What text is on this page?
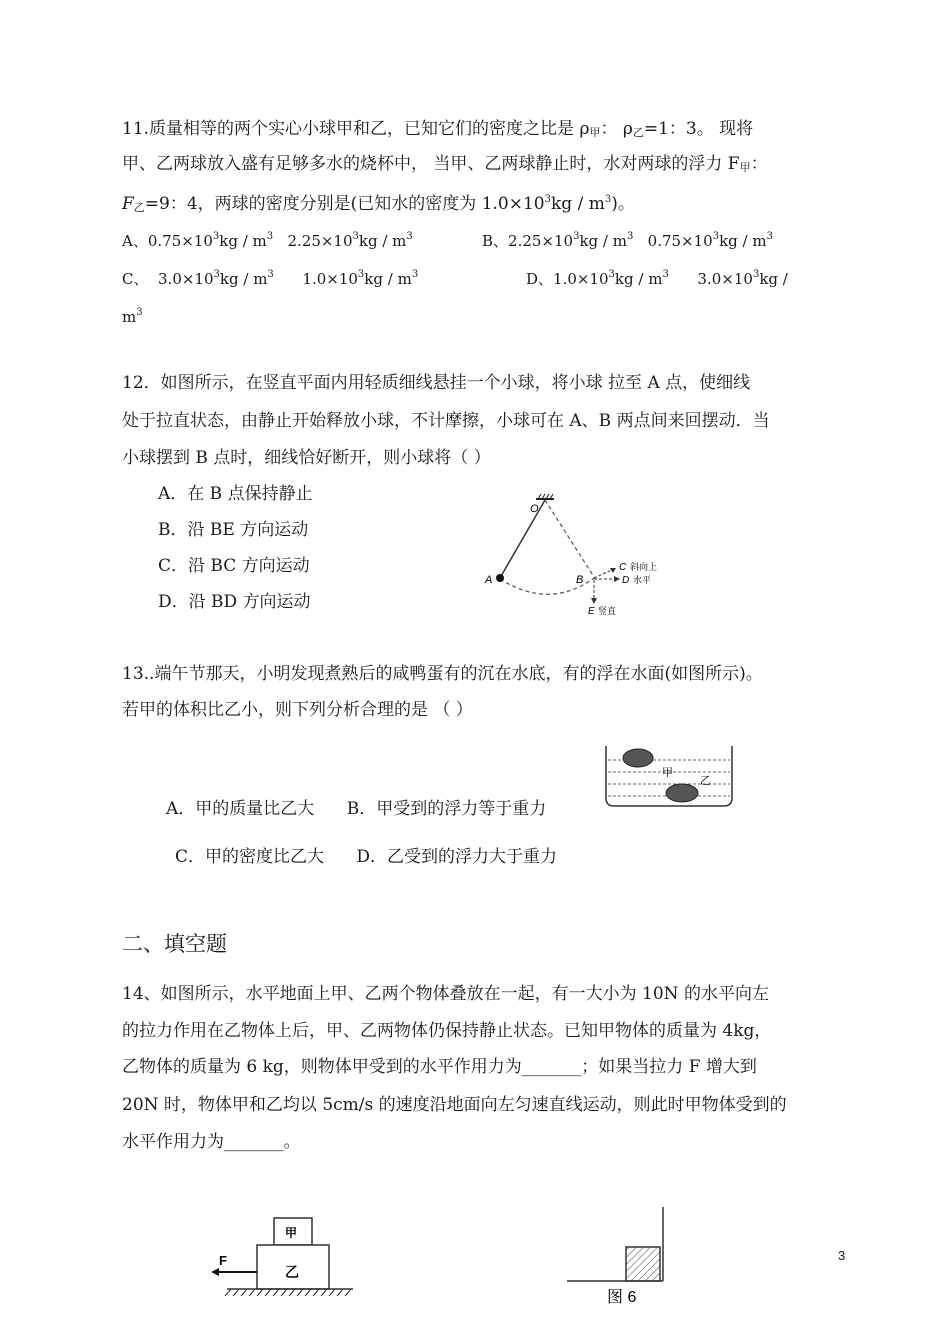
11.质量相等的两个实心小球甲和乙，已知它们的密度之比是 ρ甲： ρ乙=1：3。 现将
甲、乙两球放入盛有足够多水的烧杯中， 当甲、乙两球静止时，水对两球的浮力 F甲：
F乙=9：4，两球的密度分别是(已知水的密度为 $1.0\times 10^3kg / m^3$)。
A、$0.75\times 10^3kg / m^3$   $2.25\times 10^3kg / m^3$	B、$2.25\times 10^3kg / m^3$   $0.75\times 10^3kg / m^3$
C、  $3.0\times 10^3kg / m^3$      $1.0\times 10^3kg / m^3$	D、$1.0\times 10^3kg / m^3$      $3.0\times 10^3kg$ /
$m^3$
12．如图所示，在竖直平面内用轻质细线悬挂一个小球，将小球 拉至 A 点，使细线
处于拉直状态，由静止开始释放小球，不计摩擦，小球可在 A、B 两点间来回摆动．当
小球摆到 B 点时，细线恰好断开，则小球将（ ）
A．在 B 点保持静止
B．沿 BE 方向运动
C．沿 BC 方向运动
D．沿 BD 方向运动
O
A	B
C 斜向上
D 水平
E 竖直
13..端午节那天，小明发现煮熟后的咸鸭蛋有的沉在水底，有的浮在水面(如图所示)。
若甲的体积比乙小，则下列分析合理的是 （ ）
A．甲的质量比乙大      B．甲受到的浮力等于重力
C．甲的密度比乙大      D．乙受到的浮力大于重力
甲
乙
二、填空题
14、如图所示，水平地面上甲、乙两个物体叠放在一起，有一大小为 10N 的水平向左
的拉力作用在乙物体上后，甲、乙两物体仍保持静止状态。已知甲物体的质量为 4kg，
乙物体的质量为 6 kg，则物体甲受到的水平作用力为_______；如果当拉力 F 增大到
20N 时，物体甲和乙均以 5cm/s 的速度沿地面向左匀速直线运动，则此时甲物体受到的
水平作用力为_______。
甲
乙
F
图 6
3
